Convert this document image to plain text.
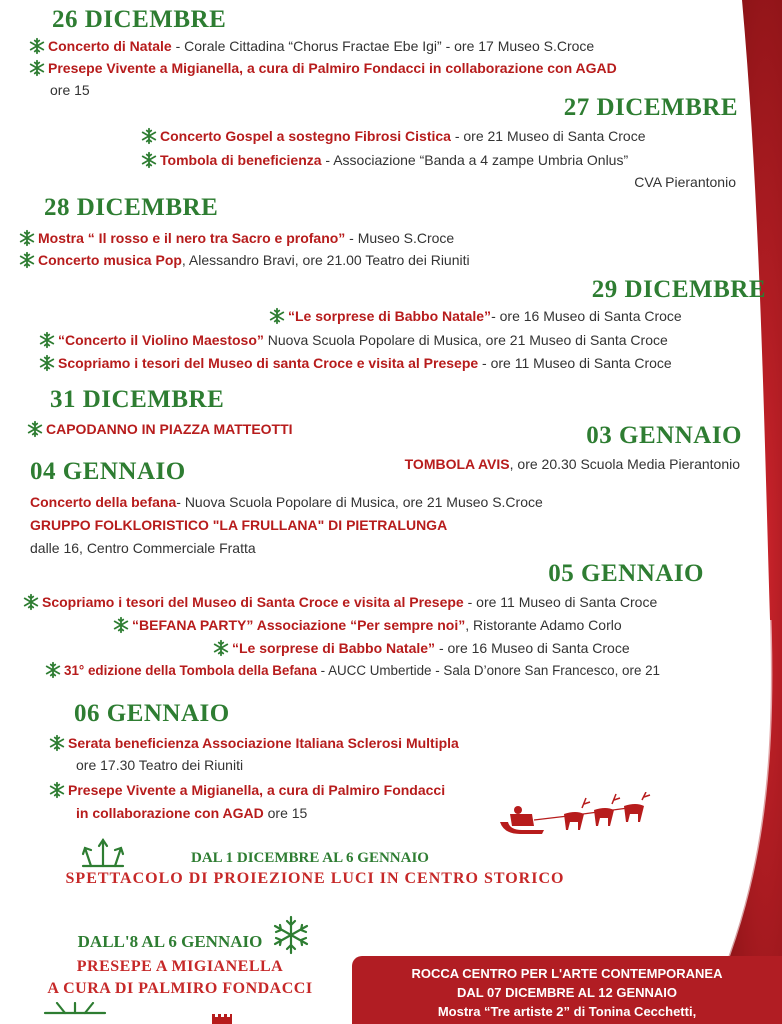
26 DICEMBRE
Concerto di Natale - Corale Cittadina “Chorus Fractae Ebe Igi” - ore 17 Museo S.Croce
Presepe Vivente a Migianella, a cura di Palmiro Fondacci in collaborazione con AGAD
ore 15
27 DICEMBRE
Concerto Gospel a sostegno Fibrosi Cistica - ore 21 Museo di Santa Croce
Tombola di beneficienza - Associazione “Banda a 4 zampe Umbria Onlus”
CVA Pierantonio
28 DICEMBRE
Mostra “ Il rosso e il nero tra Sacro e profano” - Museo S.Croce
Concerto musica Pop, Alessandro Bravi, ore 21.00 Teatro dei Riuniti
29 DICEMBRE
“Le sorprese di Babbo Natale”- ore 16 Museo di Santa Croce
“Concerto il Violino Maestoso” Nuova Scuola Popolare di Musica, ore 21 Museo di Santa Croce
Scopriamo i tesori del Museo di santa Croce e visita al Presepe - ore 11 Museo di Santa Croce
31 DICEMBRE
CAPODANNO IN PIAZZA MATTEOTTI	03 GENNAIO
TOMBOLA AVIS, ore 20.30 Scuola Media Pierantonio
04 GENNAIO
Concerto della befana- Nuova Scuola Popolare di Musica, ore 21 Museo S.Croce
GRUPPO FOLKLORISTICO "LA FRULLANA" DI PIETRALUNGA
dalle 16, Centro Commerciale Fratta
05 GENNAIO
Scopriamo i tesori del Museo di Santa Croce e visita al Presepe - ore 11 Museo di Santa Croce
“BEFANA PARTY” Associazione “Per sempre noi”, Ristorante Adamo Corlo
“Le sorprese di Babbo Natale” - ore 16 Museo di Santa Croce
31° edizione della Tombola della Befana - AUCC Umbertide - Sala D’onore San Francesco, ore 21
06 GENNAIO
Serata beneficienza Associazione Italiana Sclerosi Multipla
ore 17.30 Teatro dei Riuniti
Presepe Vivente a Migianella, a cura di Palmiro Fondacci
in collaborazione con AGAD ore 15
DAL 1 DICEMBRE AL 6 GENNAIO
SPETTACOLO DI PROIEZIONE LUCI IN CENTRO STORICO
DALL'8 AL 6 GENNAIO
PRESEPE A MIGIANELLA
A CURA DI PALMIRO FONDACCI
ROCCA CENTRO PER L'ARTE CONTEMPORANEA
DAL 07 DICEMBRE AL 12 GENNAIO
Mostra “Tre artiste 2” di Tonina Cecchetti,
